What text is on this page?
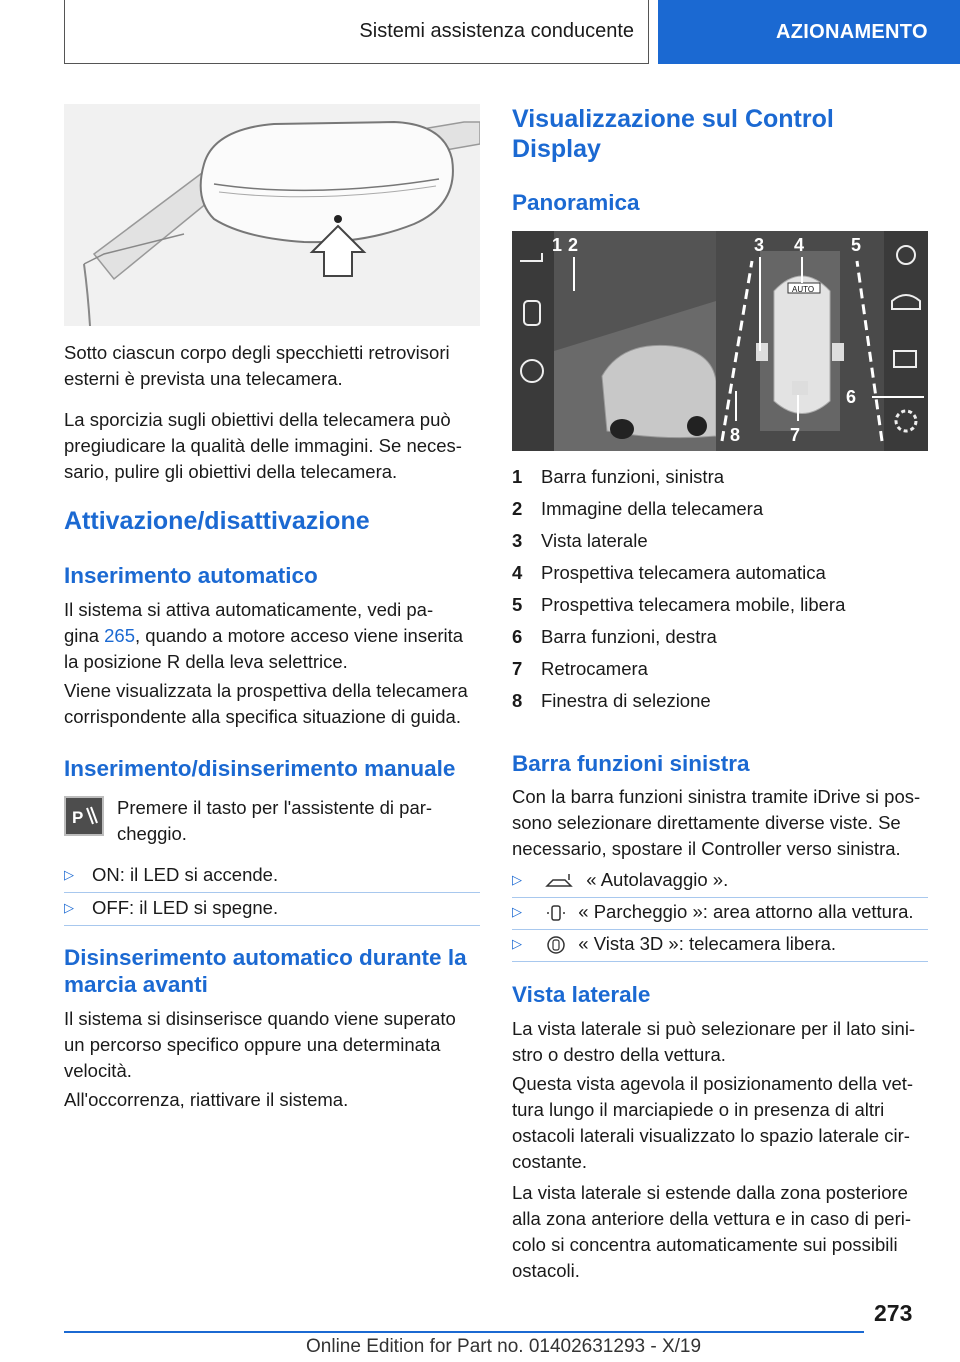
Sistemi assistenza conducente	AZIONAMENTO

Sotto ciascun corpo degli specchietti retrovisori esterni è prevista una telecamera.

La sporcizia sugli obiettivi della telecamera può pregiudicare la qualità delle immagini. Se neces-sario, pulire gli obiettivi della telecamera.

Attivazione/disattivazione
Inserimento automatico

Il sistema si attiva automaticamente, vedi pa-
gina 265, quando a motore acceso viene inserita
la posizione R della leva selettrice.

Viene visualizzata la prospettiva della telecamera corrispondente alla specifica situazione di guida.

Inserimento/disinserimento manuale
P Premere il tasto per l'assistente di par-cheggio.

▷ ON: il LED si accende.
▷ OFF: il LED si spegne.
Disinserimento automatico durante la marcia avanti

Il sistema si disinserisce quando viene superato un percorso specifico oppure una determinata velocità.

All'occorrenza, riattivare il sistema.

Visualizzazione sul Control Display
Panoramica
AUTO
1 2	3 4	5
6
7
8
1	Barra funzioni, sinistra
2	Immagine della telecamera
3	Vista laterale
4	Prospettiva telecamera automatica
5	Prospettiva telecamera mobile, libera
6	Barra funzioni, destra
7	Retrocamera
8	Finestra di selezione
Barra funzioni sinistra

Con la barra funzioni sinistra tramite iDrive si pos-sono selezionare direttamente diverse viste. Se necessario, spostare il Controller verso sinistra.

▷	« Autolavaggio ».
▷	« Parcheggio »: area attorno alla vettura.
▷	« Vista 3D »: telecamera libera.
Vista laterale

La vista laterale si può selezionare per il lato sini-stro o destro della vettura.

Questa vista agevola il posizionamento della vet-tura lungo il marciapiede o in presenza di altri ostacoli laterali visualizzato lo spazio laterale cir-costante.

La vista laterale si estende dalla zona posteriore alla zona anteriore della vettura e in caso di peri-colo si concentra automaticamente sui possibili ostacoli.

273
Online Edition for Part no. 01402631293 - X/19
